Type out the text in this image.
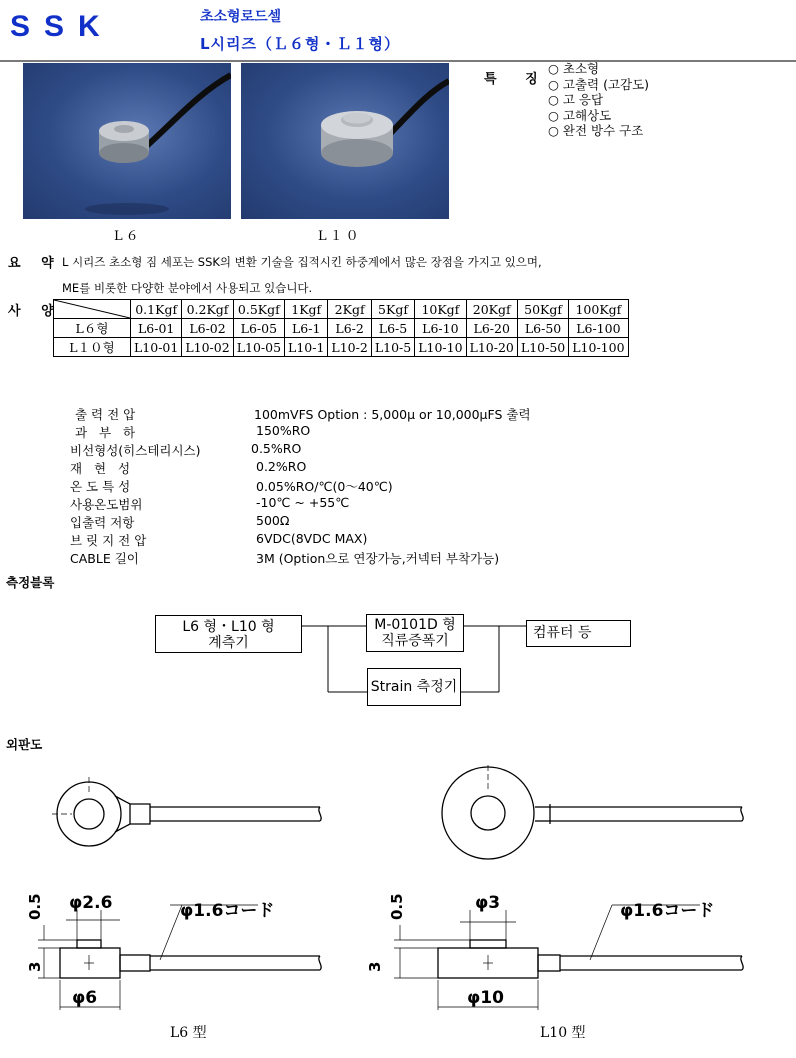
SSK	초소형로드셀
L시리즈（Ｌ６형・Ｌ１형）
L６	L１０
특 징
○ 초소형
○ 고출력 (고감도)
○ 고 응답
○ 고해상도
○ 완전 방수 구조
요 약 L 시리즈 초소형 짐 세포는 SSK의 변환 기술을 집적시킨 하중계에서 많은 장점을 가지고 있으며,
ME를 비롯한 다양한 분야에서 사용되고 있습니다.
사 양
		0.1Kgf	0.2Kgf	0.5Kgf	1Kgf	2Kgf	5Kgf	10Kgf	20Kgf	50Kgf	100Kgf
L６형	L6-01	L6-02	L6-05	L6-1	L6-2	L6-5	L6-10	L6-20	L6-50	L6-100
L１０형	L10-01	L10-02	L10-05	L10-1	L10-2	L10-5	L10-10	L10-20	L10-50	L10-100
출 력 전 압	100mVFS Option : 5,000μ or 10,000μFS 출력
과   부   하	150%RO
비선형성(히스테리시스)	0.5%RO
재   현   성	0.2%RO
온 도 특 성	0.05%RO/℃(0～40℃)
사용온도범위	-10℃ ~ +55℃
입출력 저항	500Ω
브 릿 지 전 압	6VDC(8VDC MAX)
CABLE 길이	3M (Option으로 연장가능,커넥터 부착가능)
측정블록
L6 형・L10 형
계측기
M-0101D 형
직류증폭기	컴퓨터 등
Strain 측정기
외판도
φ2.6
φ6
φ1.6コード
0.5
3
φ3
φ10
φ1.6コード
0.5
3
L6 型	L10 型
